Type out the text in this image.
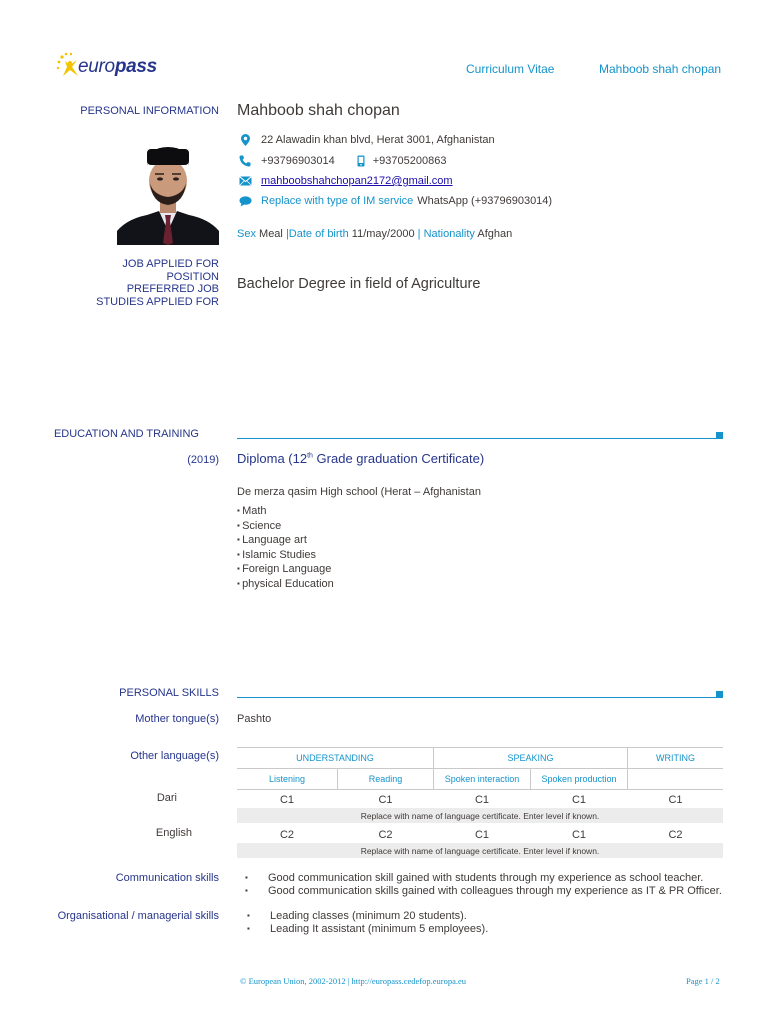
europass	Curriculum Vitae	Mahboob shah chopan
PERSONAL INFORMATION Mahboob shah chopan
22 Alawadin khan blvd, Herat 3001, Afghanistan
+93796903014	+93705200863
mahboobshahchopan2172@gmail.com
Replace with type of IM service WhatsApp (+93796903014)
Sex Meal |Date of birth 11/may/2000 | Nationality Afghan
JOB APPLIED FOR
POSITION
PREFERRED JOB
STUDIES APPLIED FOR
Bachelor Degree in field of Agriculture
EDUCATION AND TRAINING
(2019) Diploma (12th Grade graduation Certificate)
De merza qasim High school (Herat – Afghanistan
▪ Math
▪ Science
▪ Language art
▪ Islamic Studies
▪ Foreign Language
▪ physical Education
PERSONAL SKILLS
Mother tongue(s) Pashto
Other language(s)	UNDERSTANDING	SPEAKING	WRITING
Listening	Reading	Spoken interaction	Spoken production
Dari	C1	C1	C1	C1	C1
Replace with name of language certificate. Enter level if known.
English	C2	C2	C1	C1	C2
Replace with name of language certificate. Enter level if known.
Communication skills	▪ Good communication skill gained with students through my experience as school teacher.
▪ Good communication skills gained with colleagues through my experience as IT & PR Officer.
Organisational / managerial skills	▪ Leading classes (minimum 20 students).
▪ Leading It assistant (minimum 5 employees).
© European Union, 2002-2012 | http://europass.cedefop.europa.eu	Page 1 / 2
